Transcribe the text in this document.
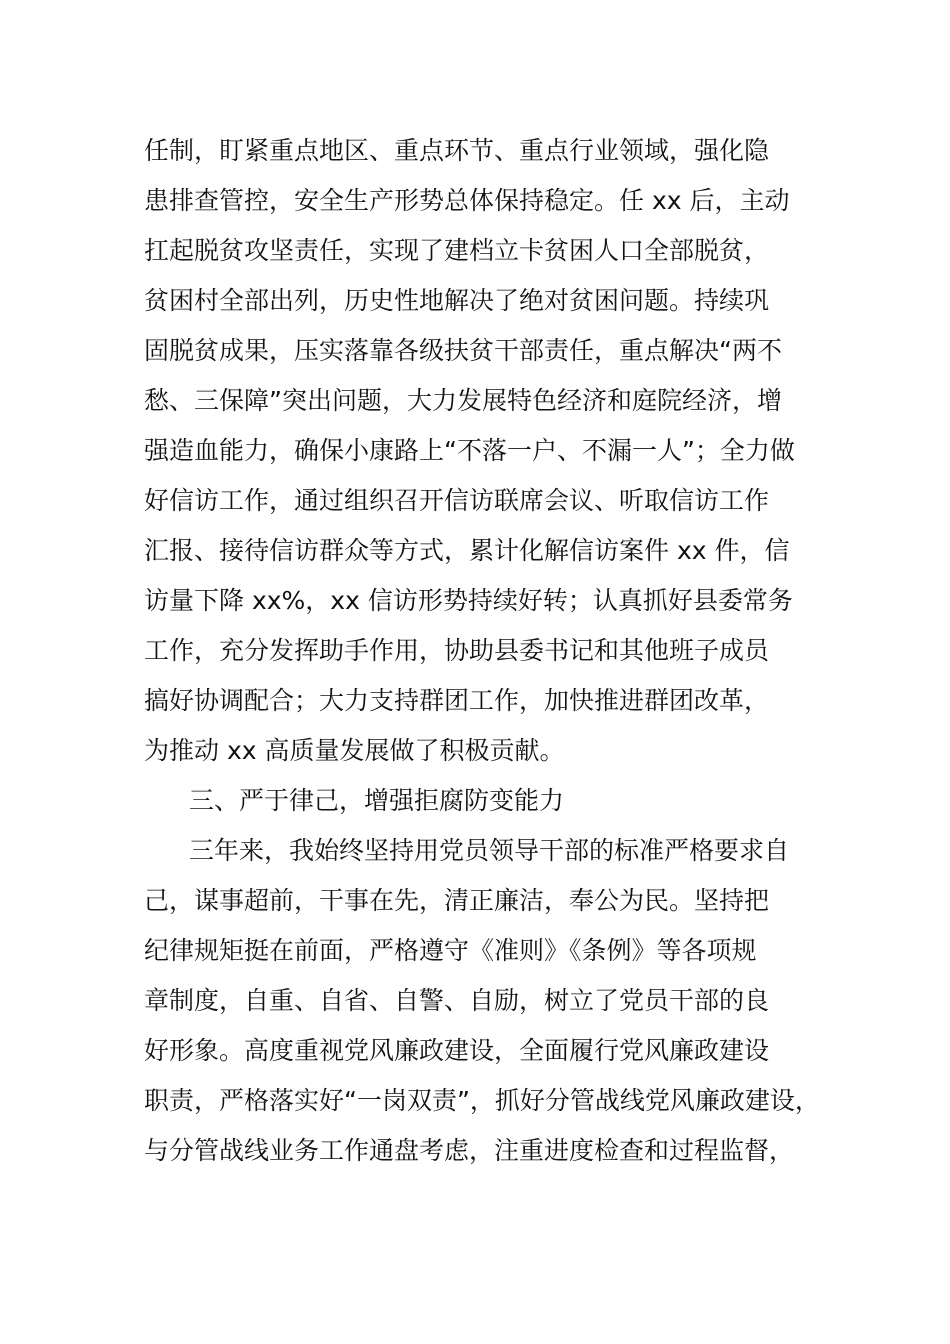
任制，盯紧重点地区、重点环节、重点行业领域，强化隐

患排查管控，安全生产形势总体保持稳定。任 xx 后，主动

扛起脱贫攻坚责任，实现了建档立卡贫困人口全部脱贫，

贫困村全部出列，历史性地解决了绝对贫困问题。持续巩

固脱贫成果，压实落靠各级扶贫干部责任，重点解决“两不

愁、三保障”突出问题，大力发展特色经济和庭院经济，增

强造血能力，确保小康路上“不落一户、不漏一人”；全力做

好信访工作，通过组织召开信访联席会议、听取信访工作

汇报、接待信访群众等方式，累计化解信访案件 xx 件，信

访量下降 xx%，xx 信访形势持续好转；认真抓好县委常务

工作，充分发挥助手作用，协助县委书记和其他班子成员

搞好协调配合；大力支持群团工作，加快推进群团改革，

为推动 xx 高质量发展做了积极贡献。

三、严于律己，增强拒腐防变能力

三年来，我始终坚持用党员领导干部的标准严格要求自

己，谋事超前，干事在先，清正廉洁，奉公为民。坚持把

纪律规矩挺在前面，严格遵守《准则》《条例》等各项规

章制度，自重、自省、自警、自励，树立了党员干部的良

好形象。高度重视党风廉政建设，全面履行党风廉政建设

职责，严格落实好“一岗双责”，抓好分管战线党风廉政建设，

与分管战线业务工作通盘考虑，注重进度检查和过程监督，
